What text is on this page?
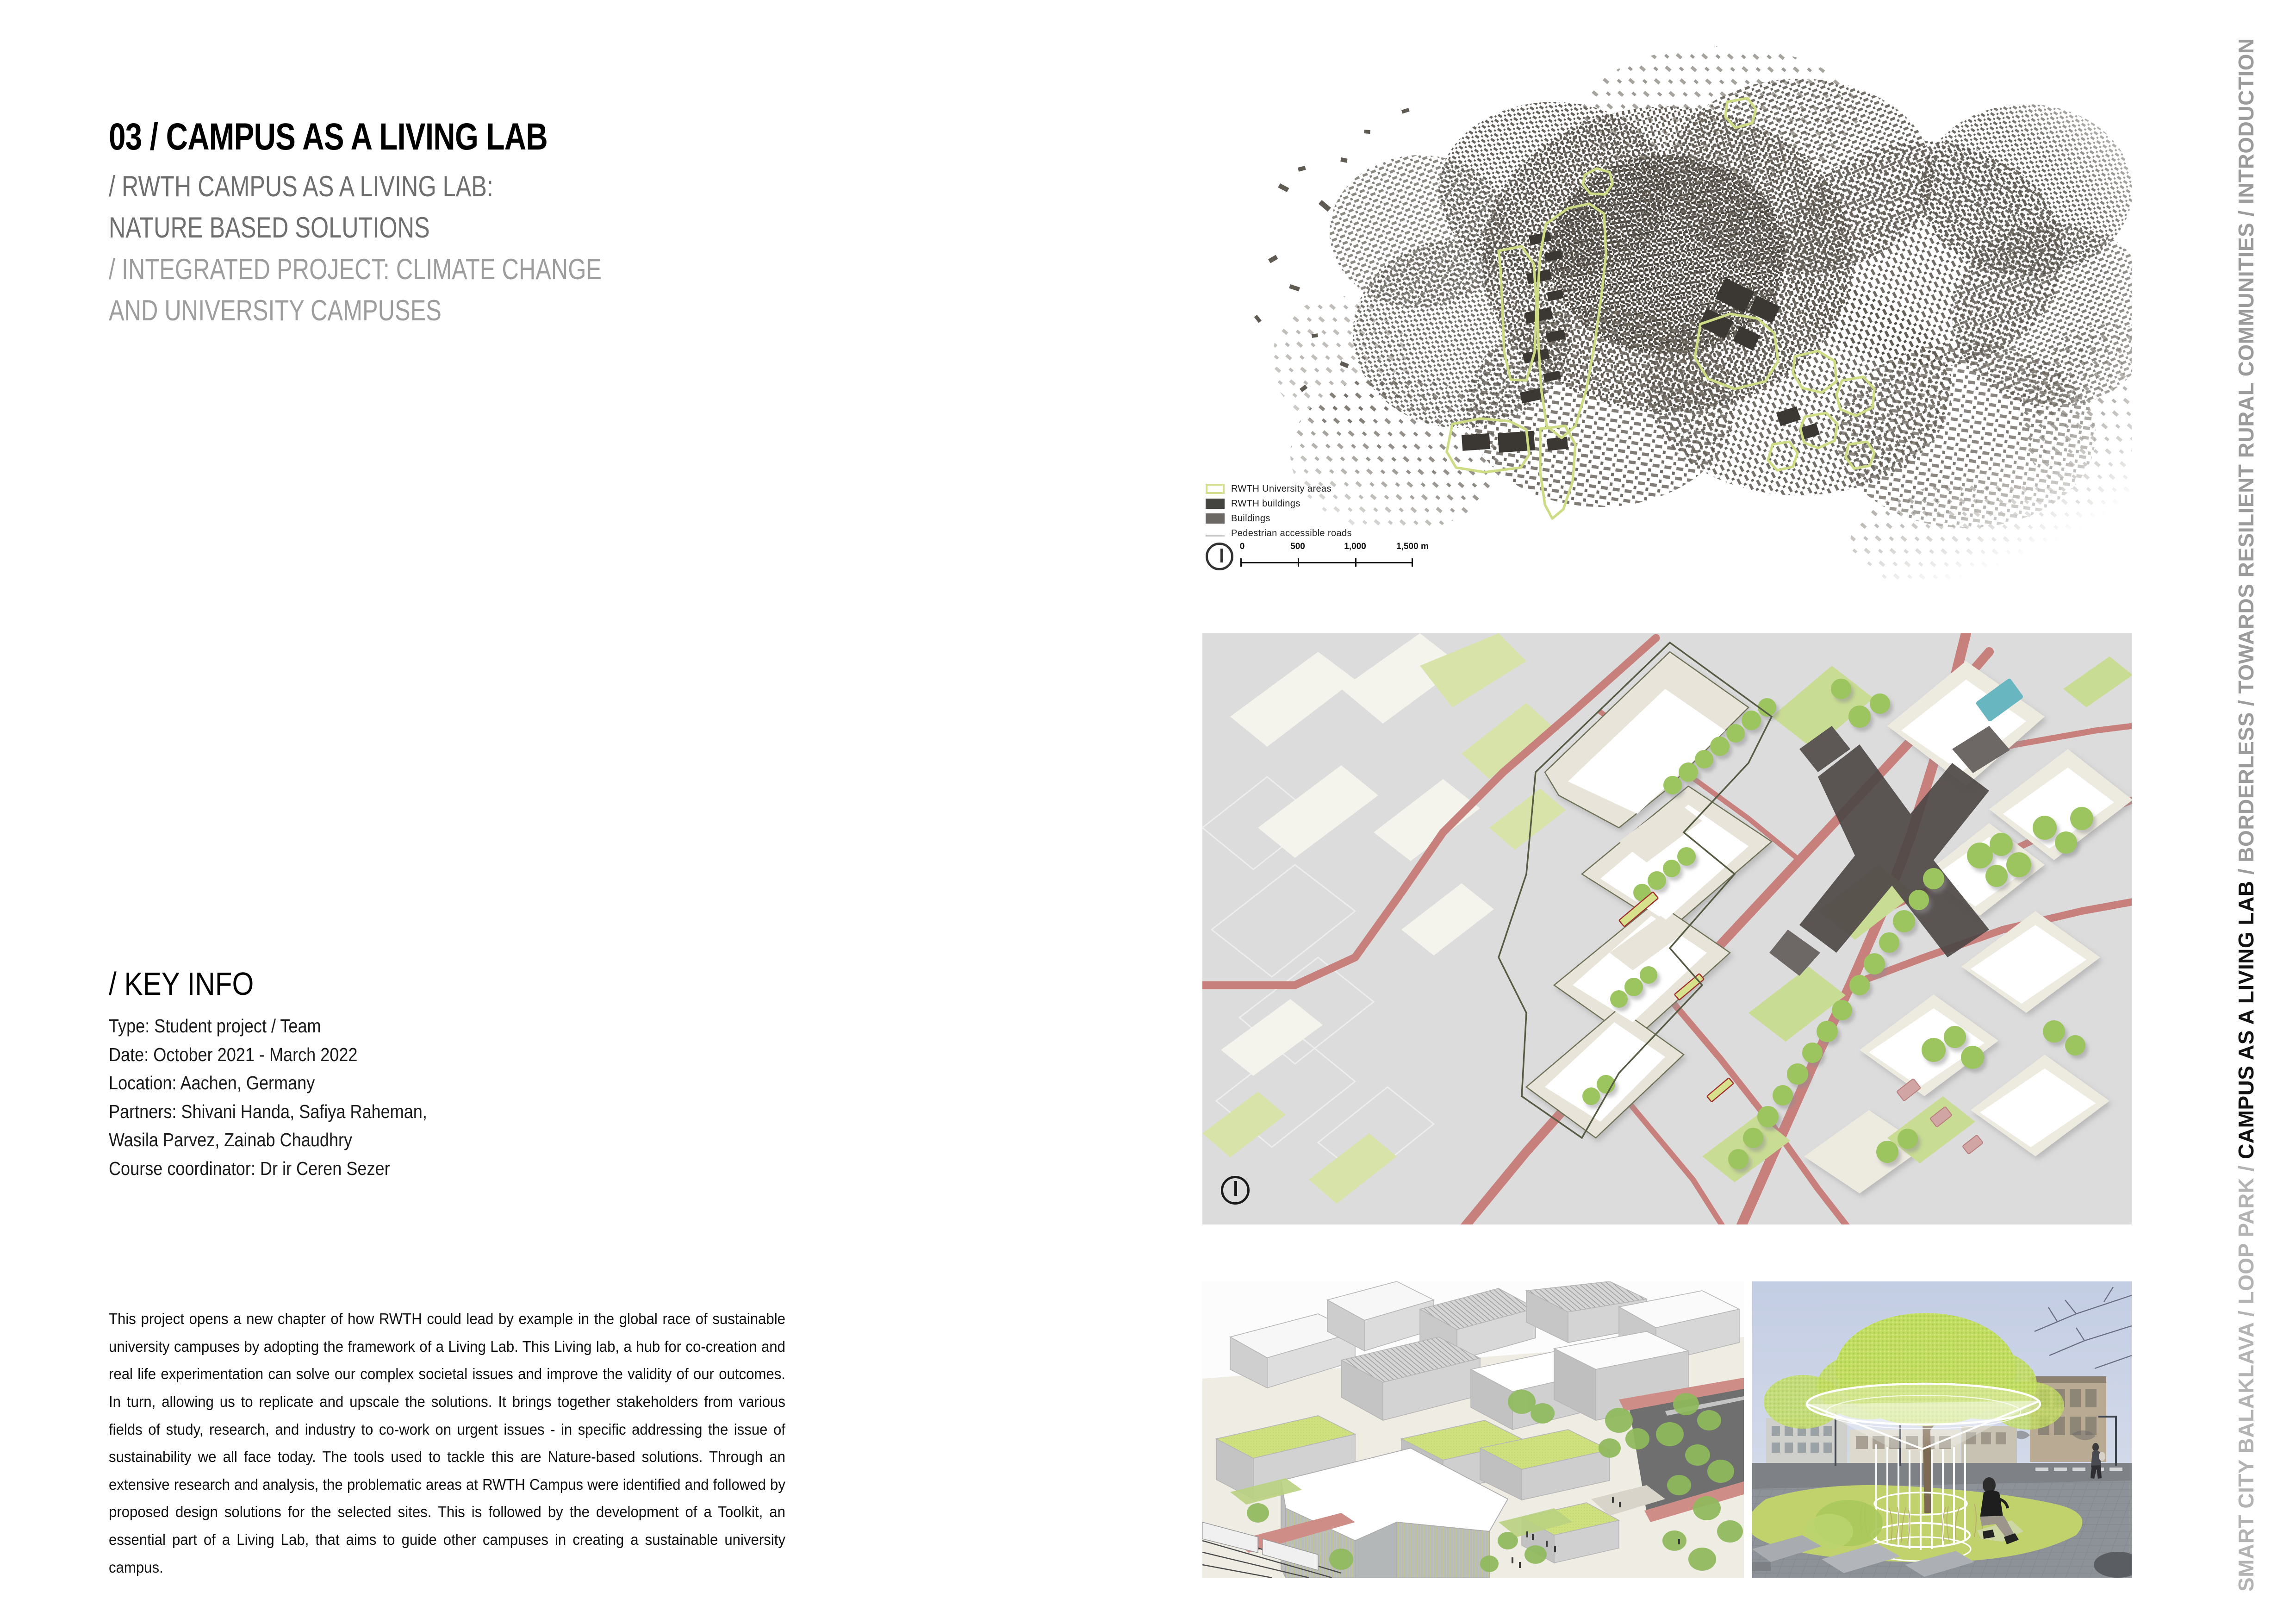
03 / CAMPUS AS A LIVING LAB
/ RWTH CAMPUS AS A LIVING LAB:
NATURE BASED SOLUTIONS
/ INTEGRATED PROJECT: CLIMATE CHANGE
AND UNIVERSITY CAMPUSES
/ KEY INFO
Type: Student project / Team
Date: October 2021 - March 2022
Location: Aachen, Germany
Partners: Shivani Handa, Safiya Raheman,
Wasila Parvez, Zainab Chaudhry
Course coordinator: Dr ir Ceren Sezer
This project opens a new chapter of how RWTH could lead by example in the global race of sustainable university campuses by adopting the framework of a Living Lab. This Living lab, a hub for co-creation and real life experimentation can solve our complex societal issues and improve the validity of our outcomes. In turn, allowing us to replicate and upscale the solutions. It brings together stakeholders from various fields of study, research, and industry to co-work on urgent issues - in specific addressing the issue of sustainability we all face today. The tools used to tackle this are Nature-based solutions. Through an extensive research and analysis, the problematic areas at RWTH Campus were identified and followed by proposed design solutions for the selected sites. This is followed by the development of a Toolkit, an essential part of a Living Lab, that aims to guide other campuses in creating a sustainable university campus.
RWTH University areas
RWTH buildings
Buildings
Pedestrian accessible roads
0	500	1,000	1,500 m
SMART CITY BALAKLAVA / LOOP PARK / CAMPUS AS A LIVING LAB / BORDERLESS / TOWARDS RESILIENT RURAL COMMUNITIES / INTRODUCTION
